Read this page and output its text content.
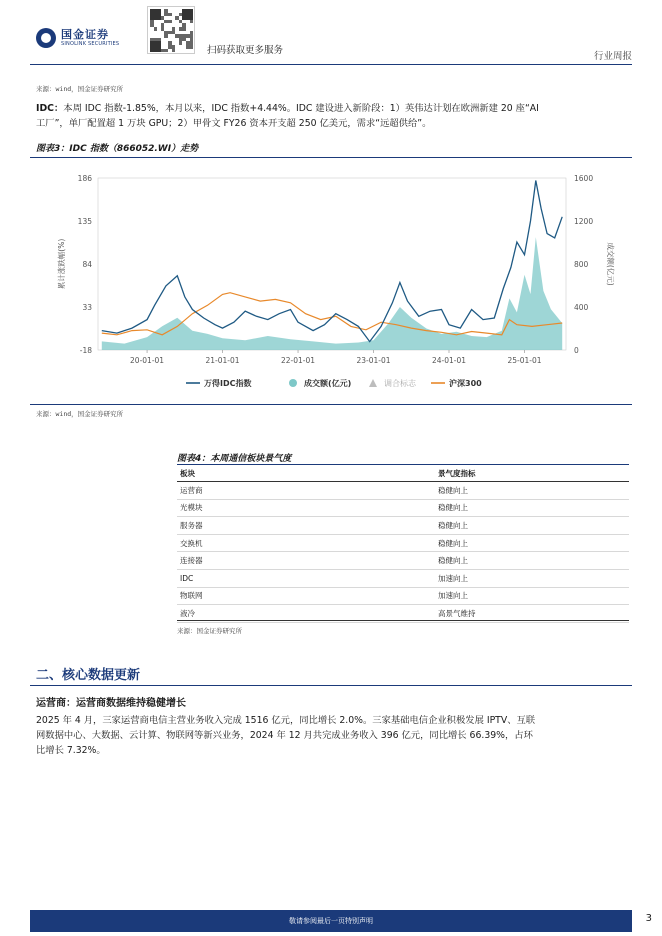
国金证券
SINOLINK SECURITIES
扫码获取更多服务
行业周报
来源：wind，国金证券研究所
IDC：本周 IDC 指数-1.85%，本月以来，IDC 指数+4.44%。IDC 建设进入新阶段：1）英伟达计划在欧洲新建 20 座“AI
工厂”，单厂配置超 1 万块 GPU；2）甲骨文 FY26 资本开支超 250 亿美元，需求“远超供给”。
图表3：IDC 指数（866052.WI）走势
186
135
84
33
-18
1600
1200
800
400
0
20-01-01	21-01-01	22-01-01	23-01-01	24-01-01	25-01-01
累计涨跌幅(%)	成交额(亿元)
万得IDC指数	成交额(亿元)	调合标志	沪深300
来源：wind，国金证券研究所
图表4：本周通信板块景气度
板块	景气度指标
运营商	稳健向上
光模块	稳健向上
服务器	稳健向上
交换机	稳健向上
连接器	稳健向上
IDC	加速向上
物联网	加速向上
液冷	高景气维持
来源：国金证券研究所
二、核心数据更新
运营商：运营商数据维持稳健增长
2025 年 4 月，三家运营商电信主营业务收入完成 1516 亿元，同比增长 2.0%。三家基础电信企业积极发展 IPTV、互联
网数据中心、大数据、云计算、物联网等新兴业务，2024 年 12 月共完成业务收入 396 亿元，同比增长 66.39%，占环
比增长 7.32%。
敬请参阅最后一页特别声明	3
